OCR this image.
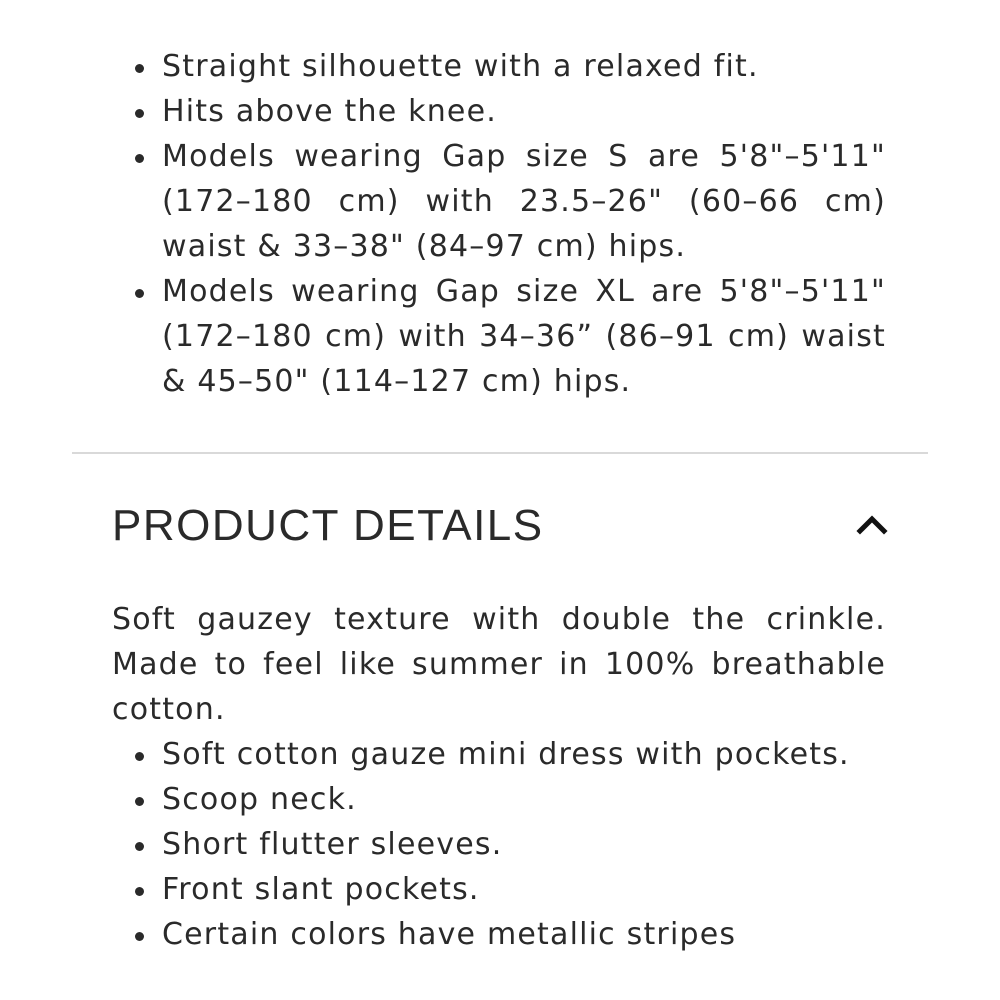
Straight silhouette with a relaxed fit.
Hits above the knee.
Models wearing Gap size S are 5'8"–5'11" (172–180 cm) with 23.5–26" (60–66 cm) waist & 33–38" (84–97 cm) hips.
Models wearing Gap size XL are 5'8"–5'11" (172–180 cm) with 34–36” (86–91 cm) waist & 45–50" (114–127 cm) hips.
PRODUCT DETAILS

Soft gauzey texture with double the crinkle. Made to feel like summer in 100% breathable cotton.

Soft cotton gauze mini dress with pockets.
Scoop neck.
Short flutter sleeves.
Front slant pockets.
Certain colors have metallic stripes
